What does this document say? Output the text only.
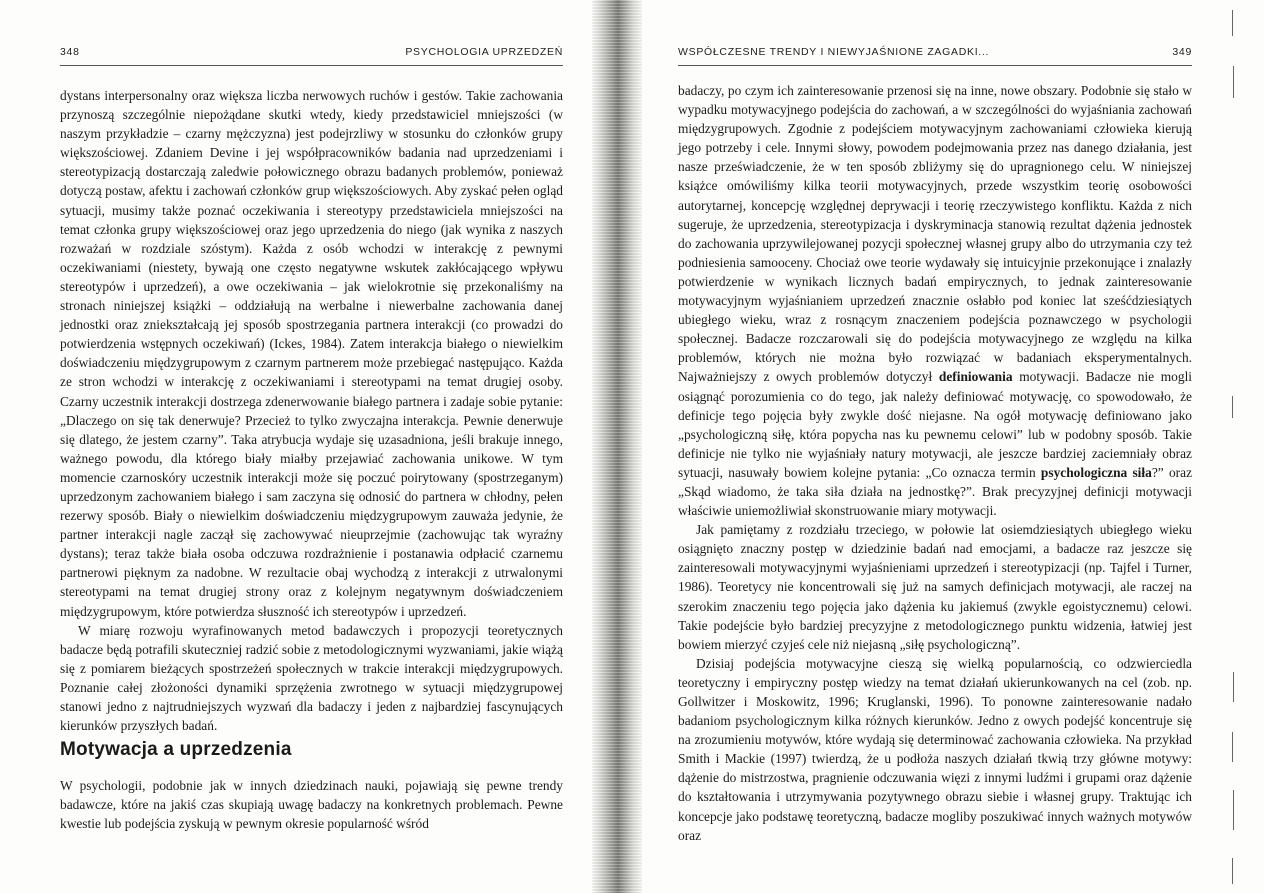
348	PSYCHOLOGIA UPRZEDZEŃ

dystans interpersonalny oraz większa liczba nerwowych ruchów i gestów. Takie zachowania przynoszą szczególnie niepożądane skutki wtedy, kiedy przedstawiciel mniejszości (w naszym przykładzie – czarny mężczyzna) jest podejrzliwy w stosunku do członków grupy większościowej. Zdaniem Devine i jej współpracowników badania nad uprzedzeniami i stereotypizacją dostarczają zaledwie połowicznego obrazu badanych problemów, ponieważ dotyczą postaw, afektu i zachowań członków grup większościowych. Aby zyskać pełen ogląd sytuacji, musimy także poznać oczekiwania i stereotypy przedstawiciela mniejszości na temat członka grupy większościowej oraz jego uprzedzenia do niego (jak wynika z naszych rozważań w rozdziale szóstym). Każda z osób wchodzi w interakcję z pewnymi oczekiwaniami (niestety, bywają one często negatywne wskutek zakłócającego wpływu stereotypów i uprzedzeń), a owe oczekiwania – jak wielokrotnie się przekonaliśmy na stronach niniejszej książki – oddziałują na werbalne i niewerbalne zachowania danej jednostki oraz zniekształcają jej sposób spostrzegania partnera interakcji (co prowadzi do potwierdzenia wstępnych oczekiwań) (Ickes, 1984). Zatem interakcja białego o niewielkim doświadczeniu międzygrupowym z czarnym partnerem może przebiegać następująco. Każda ze stron wchodzi w interakcję z oczekiwaniami i stereotypami na temat drugiej osoby. Czarny uczestnik interakcji dostrzega zdenerwowanie białego partnera i zadaje sobie pytanie: „Dlaczego on się tak denerwuje? Przecież to tylko zwyczajna interakcja. Pewnie denerwuje się dlatego, że jestem czarny”. Taka atrybucja wydaje się uzasadniona, jeśli brakuje innego, ważnego powodu, dla którego biały miałby przejawiać zachowania unikowe. W tym momencie czarnoskóry uczestnik interakcji może się poczuć poirytowany (spostrzeganym) uprzedzonym zachowaniem białego i sam zaczyna się odnosić do partnera w chłodny, pełen rezerwy sposób. Biały o niewielkim doświadczeniu międzygrupowym zauważa jedynie, że partner interakcji nagle zaczął się zachowywać nieuprzejmie (zachowując tak wyraźny dystans); teraz także biała osoba odczuwa rozdrażnienie i postanawia odpłacić czarnemu partnerowi pięknym za nadobne. W rezultacie obaj wychodzą z interakcji z utrwalonymi stereotypami na temat drugiej strony oraz z kolejnym negatywnym doświadczeniem międzygrupowym, które potwierdza słuszność ich stereotypów i uprzedzeń.

W miarę rozwoju wyrafinowanych metod badawczych i propozycji teoretycznych badacze będą potrafili skuteczniej radzić sobie z metodologicznymi wyzwaniami, jakie wiążą się z pomiarem bieżących spostrzeżeń społecznych w trakcie interakcji międzygrupowych. Poznanie całej złożoności dynamiki sprzężenia zwrotnego w sytuacji międzygrupowej stanowi jedno z najtrudniejszych wyzwań dla badaczy i jeden z najbardziej fascynujących kierunków przyszłych badań.

Motywacja a uprzedzenia

W psychologii, podobnie jak w innych dziedzinach nauki, pojawiają się pewne trendy badawcze, które na jakiś czas skupiają uwagę badaczy na konkretnych problemach. Pewne kwestie lub podejścia zyskują w pewnym okresie popularność wśród

WSPÓŁCZESNE TRENDY I NIEWYJAŚNIONE ZAGADKI...	349

badaczy, po czym ich zainteresowanie przenosi się na inne, nowe obszary. Podobnie się stało w wypadku motywacyjnego podejścia do zachowań, a w szczególności do wyjaśniania zachowań międzygrupowych. Zgodnie z podejściem motywacyjnym zachowaniami człowieka kierują jego potrzeby i cele. Innymi słowy, powodem podejmowania przez nas danego działania, jest nasze przeświadczenie, że w ten sposób zbliżymy się do upragnionego celu. W niniejszej książce omówiliśmy kilka teorii motywacyjnych, przede wszystkim teorię osobowości autorytarnej, koncepcję względnej deprywacji i teorię rzeczywistego konfliktu. Każda z nich sugeruje, że uprzedzenia, stereotypizacja i dyskryminacja stanowią rezultat dążenia jednostek do zachowania uprzywilejowanej pozycji społecznej własnej grupy albo do utrzymania czy też podniesienia samooceny. Chociaż owe teorie wydawały się intuicyjnie przekonujące i znalazły potwierdzenie w wynikach licznych badań empirycznych, to jednak zainteresowanie motywacyjnym wyjaśnianiem uprzedzeń znacznie osłabło pod koniec lat sześćdziesiątych ubiegłego wieku, wraz z rosnącym znaczeniem podejścia poznawczego w psychologii społecznej. Badacze rozczarowali się do podejścia motywacyjnego ze względu na kilka problemów, których nie można było rozwiązać w badaniach eksperymentalnych. Najważniejszy z owych problemów dotyczył definiowania motywacji. Badacze nie mogli osiągnąć porozumienia co do tego, jak należy definiować motywację, co spowodowało, że definicje tego pojęcia były zwykle dość niejasne. Na ogół motywację definiowano jako „psychologiczną siłę, która popycha nas ku pewnemu celowi” lub w podobny sposób. Takie definicje nie tylko nie wyjaśniały natury motywacji, ale jeszcze bardziej zaciemniały obraz sytuacji, nasuwały bowiem kolejne pytania: „Co oznacza termin psychologiczna siła?” oraz „Skąd wiadomo, że taka siła działa na jednostkę?”. Brak precyzyjnej definicji motywacji właściwie uniemożliwiał skonstruowanie miary motywacji.

Jak pamiętamy z rozdziału trzeciego, w połowie lat osiemdziesiątych ubiegłego wieku osiągnięto znaczny postęp w dziedzinie badań nad emocjami, a badacze raz jeszcze się zainteresowali motywacyjnymi wyjaśnieniami uprzedzeń i stereotypizacji (np. Tajfel i Turner, 1986). Teoretycy nie koncentrowali się już na samych definicjach motywacji, ale raczej na szerokim znaczeniu tego pojęcia jako dążenia ku jakiemuś (zwykle egoistycznemu) celowi. Takie podejście było bardziej precyzyjne z metodologicznego punktu widzenia, łatwiej jest bowiem mierzyć czyjeś cele niż niejasną „siłę psychologiczną”.

Dzisiaj podejścia motywacyjne cieszą się wielką popularnością, co odzwierciedla teoretyczny i empiryczny postęp wiedzy na temat działań ukierunkowanych na cel (zob. np. Gollwitzer i Moskowitz, 1996; Kruglanski, 1996). To ponowne zainteresowanie nadało badaniom psychologicznym kilka różnych kierunków. Jedno z owych podejść koncentruje się na zrozumieniu motywów, które wydają się determinować zachowania człowieka. Na przykład Smith i Mackie (1997) twierdzą, że u podłoża naszych działań tkwią trzy główne motywy: dążenie do mistrzostwa, pragnienie odczuwania więzi z innymi ludźmi i grupami oraz dążenie do kształtowania i utrzymywania pozytywnego obrazu siebie i własnej grupy. Traktując ich koncepcje jako podstawę teoretyczną, badacze mogliby poszukiwać innych ważnych motywów oraz
